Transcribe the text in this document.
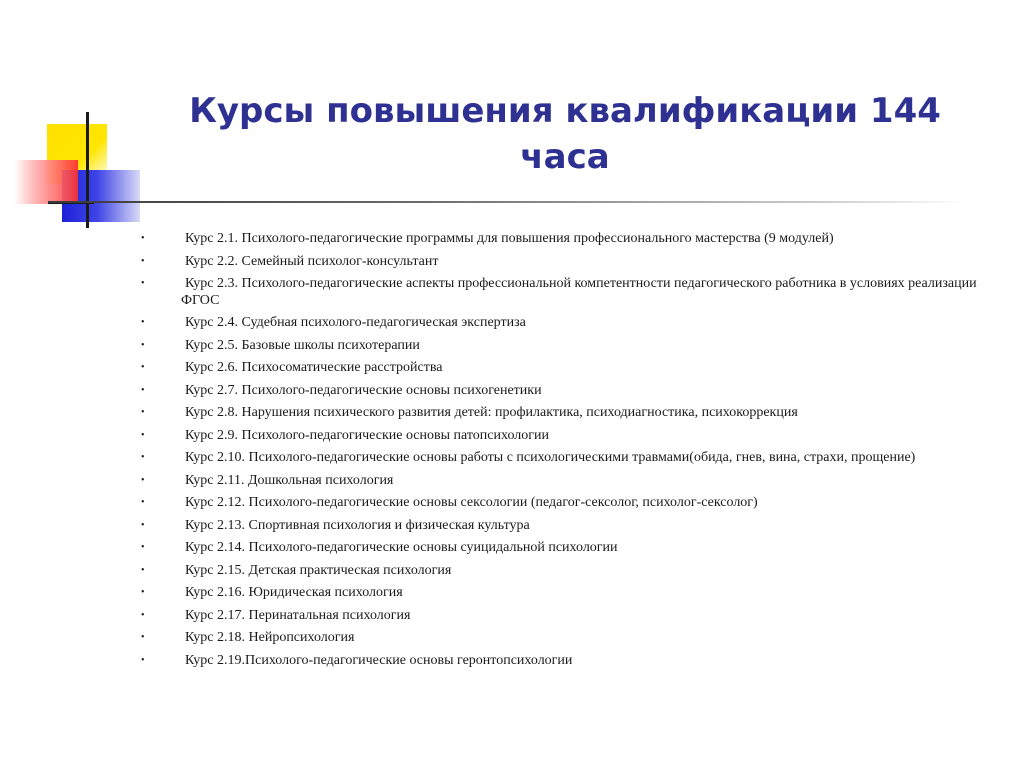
Курсы повышения квалификации 144 часа
•	Курс 2.1. Психолого-педагогические программы для повышения профессионального мастерства (9 модулей)
•	Курс 2.2. Семейный психолог-консультант
•	Курс 2.3. Психолого-педагогические аспекты профессиональной компетентности педагогического работника в условиях реализации ФГОС
•	Курс 2.4. Судебная психолого-педагогическая экспертиза
•	Курс 2.5. Базовые школы психотерапии
•	Курс 2.6. Психосоматические расстройства
•	Курс 2.7. Психолого-педагогические основы психогенетики
•	Курс 2.8. Нарушения психического развития детей: профилактика, психодиагностика, психокоррекция
•	Курс 2.9. Психолого-педагогические основы патопсихологии
•	Курс 2.10. Психолого-педагогические основы работы с психологическими травмами(обида, гнев, вина, страхи, прощение)
•	Курс 2.11. Дошкольная психология
•	Курс 2.12. Психолого-педагогические основы сексологии (педагог-сексолог, психолог-сексолог)
•	Курс 2.13. Спортивная психология и физическая культура
•	Курс 2.14. Психолого-педагогические основы суицидальной психологии
•	Курс 2.15. Детская практическая психология
•	Курс 2.16. Юридическая психология
•	Курс 2.17. Перинатальная психология
•	Курс 2.18. Нейропсихология
•	Курс 2.19.Психолого-педагогические основы геронтопсихологии
